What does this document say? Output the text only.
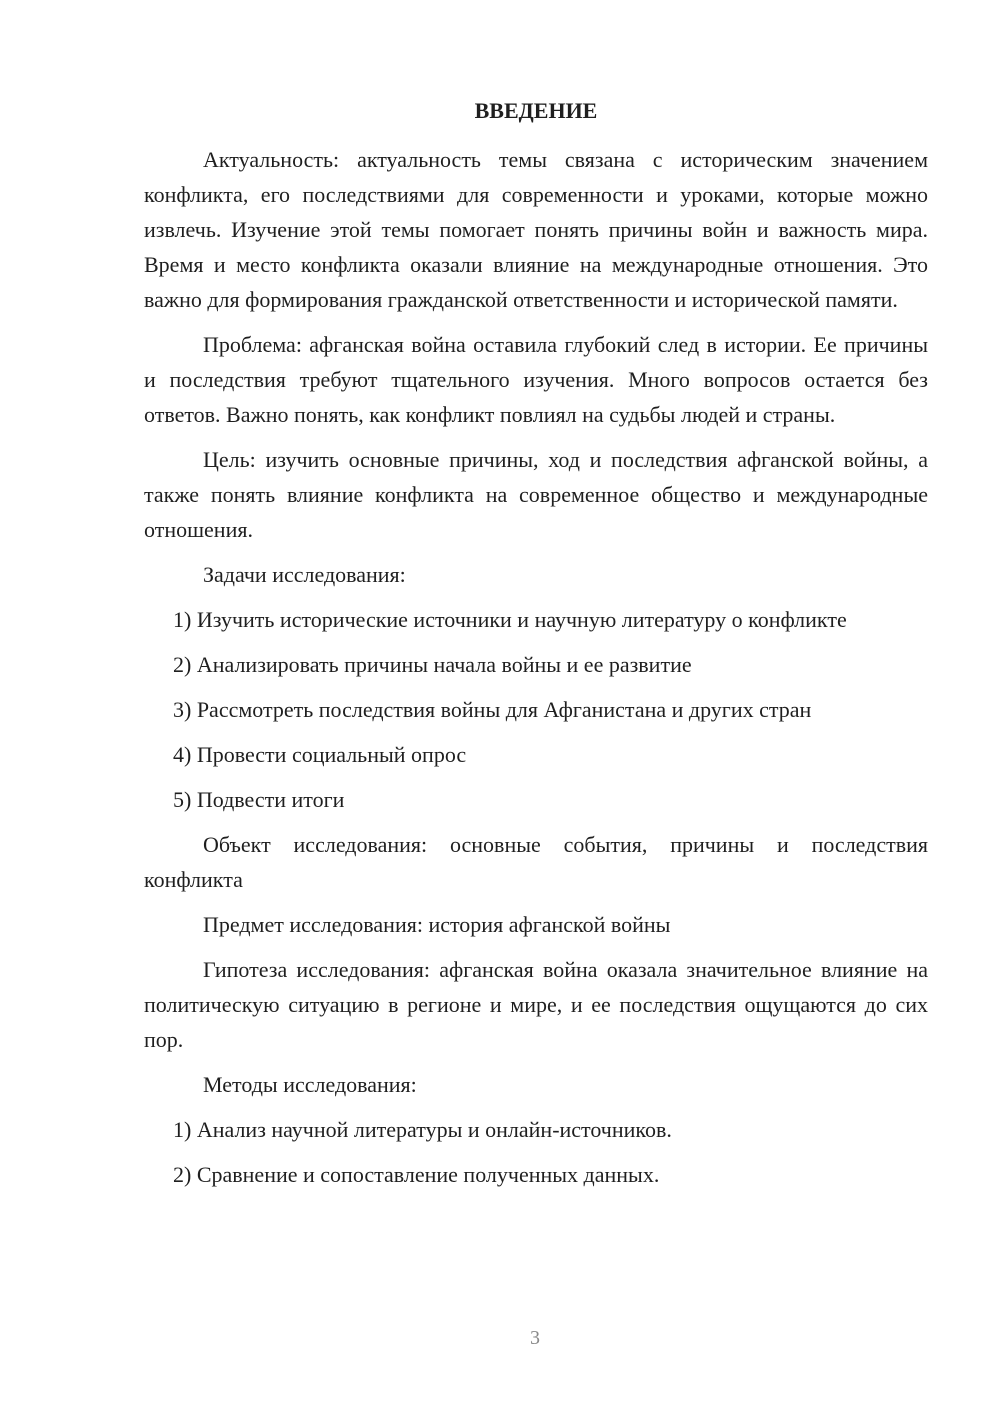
ВВЕДЕНИЕ
Актуальность: актуальность темы связана с историческим значением конфликта, его последствиями для современности и уроками, которые можно извлечь. Изучение этой темы помогает понять причины войн и важность мира. Время и место конфликта оказали влияние на международные отношения. Это важно для формирования гражданской ответственности и исторической памяти.
Проблема: афганская война оставила глубокий след в истории. Ее причины и последствия требуют тщательного изучения. Много вопросов остается без ответов. Важно понять, как конфликт повлиял на судьбы людей и страны.
Цель: изучить основные причины, ход и последствия афганской войны, а также понять влияние конфликта на современное общество и международные отношения.
Задачи исследования:
1) Изучить исторические источники и научную литературу о конфликте
2) Анализировать причины начала войны и ее развитие
3) Рассмотреть последствия войны для Афганистана и других стран
4) Провести социальный опрос
5) Подвести итоги
Объект исследования: основные события, причины и последствия конфликта
Предмет исследования: история афганской войны
Гипотеза исследования: афганская война оказала значительное влияние на политическую ситуацию в регионе и мире, и ее последствия ощущаются до сих пор.
Методы исследования:
1) Анализ научной литературы и онлайн-источников.
2) Сравнение и сопоставление полученных данных.
3
